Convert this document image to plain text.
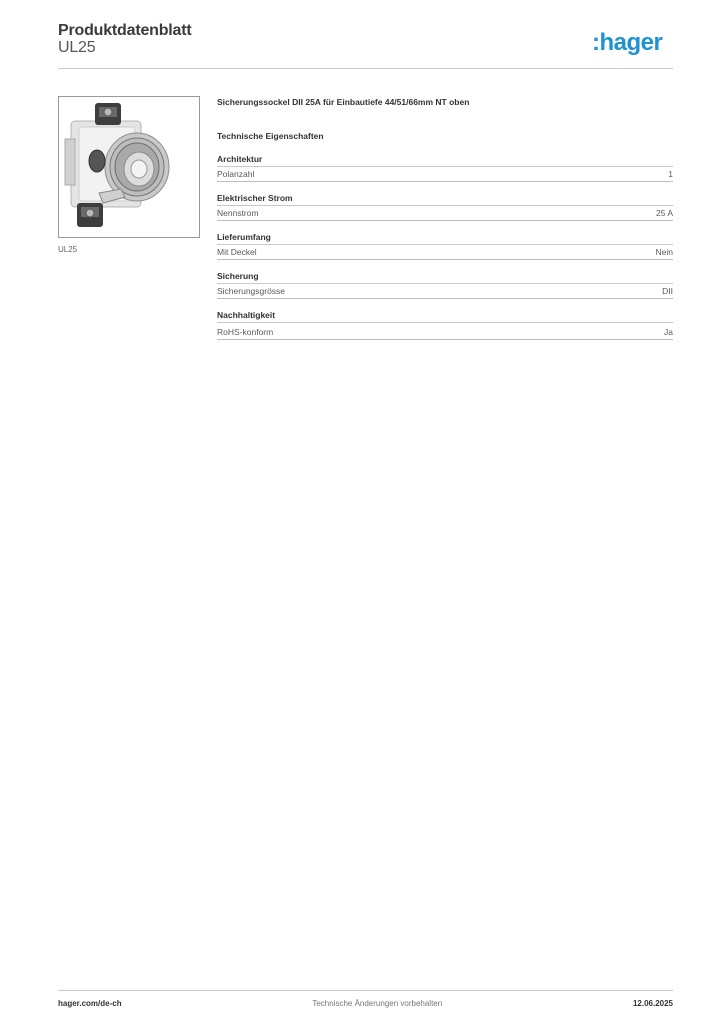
Produktdatenblatt
UL25	:hager
UL25
Sicherungssockel DII 25A für Einbautiefe 44/51/66mm NT oben
Technische Eigenschaften
Architektur
Polanzahl	1
Elektrischer Strom
Nennstrom	25 A
Lieferumfang
Mit Deckel	Nein
Sicherung
Sicherungsgrösse	DII
Nachhaltigkeit
RoHS-konform	Ja
hager.com/de-ch	Technische Änderungen vorbehalten	12.06.2025
